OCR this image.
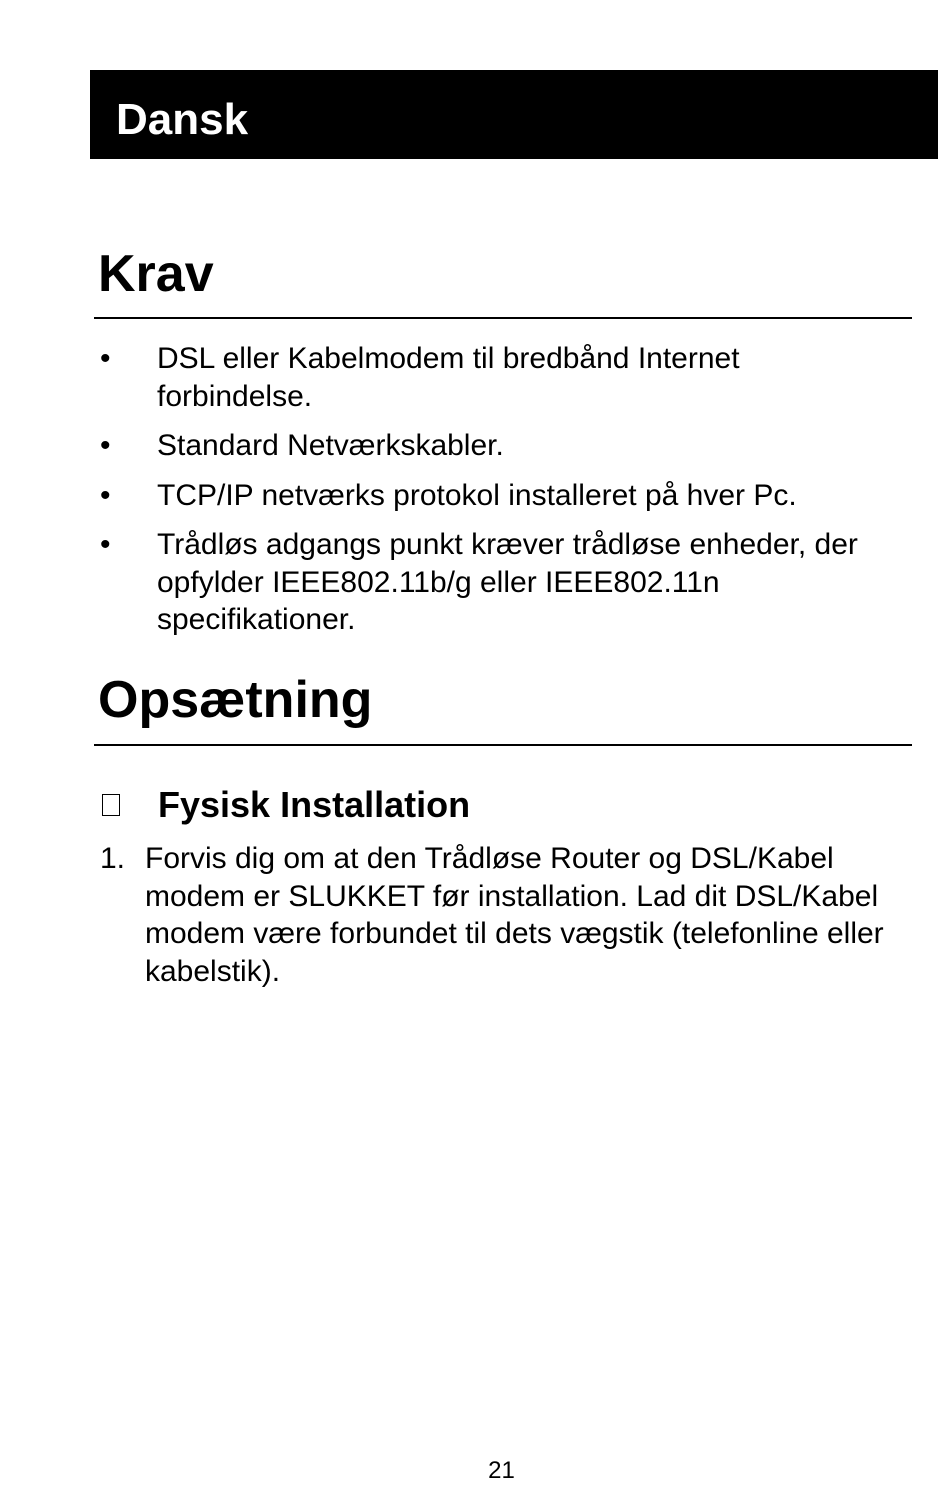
Dansk
Krav
• DSL eller Kabelmodem til bredbånd Internet forbindelse.
• Standard Netværkskabler.
• TCP/IP netværks protokol installeret på hver Pc.
• Trådløs adgangs punkt kræver trådløse enheder, der opfylder IEEE802.11b/g eller IEEE802.11n specifikationer.
Opsætning
Fysisk Installation
1. Forvis dig om at den Trådløse Router og DSL/Kabel modem er SLUKKET før installation. Lad dit DSL/Kabel modem være forbundet til dets vægstik (telefonline eller kabelstik).
21
